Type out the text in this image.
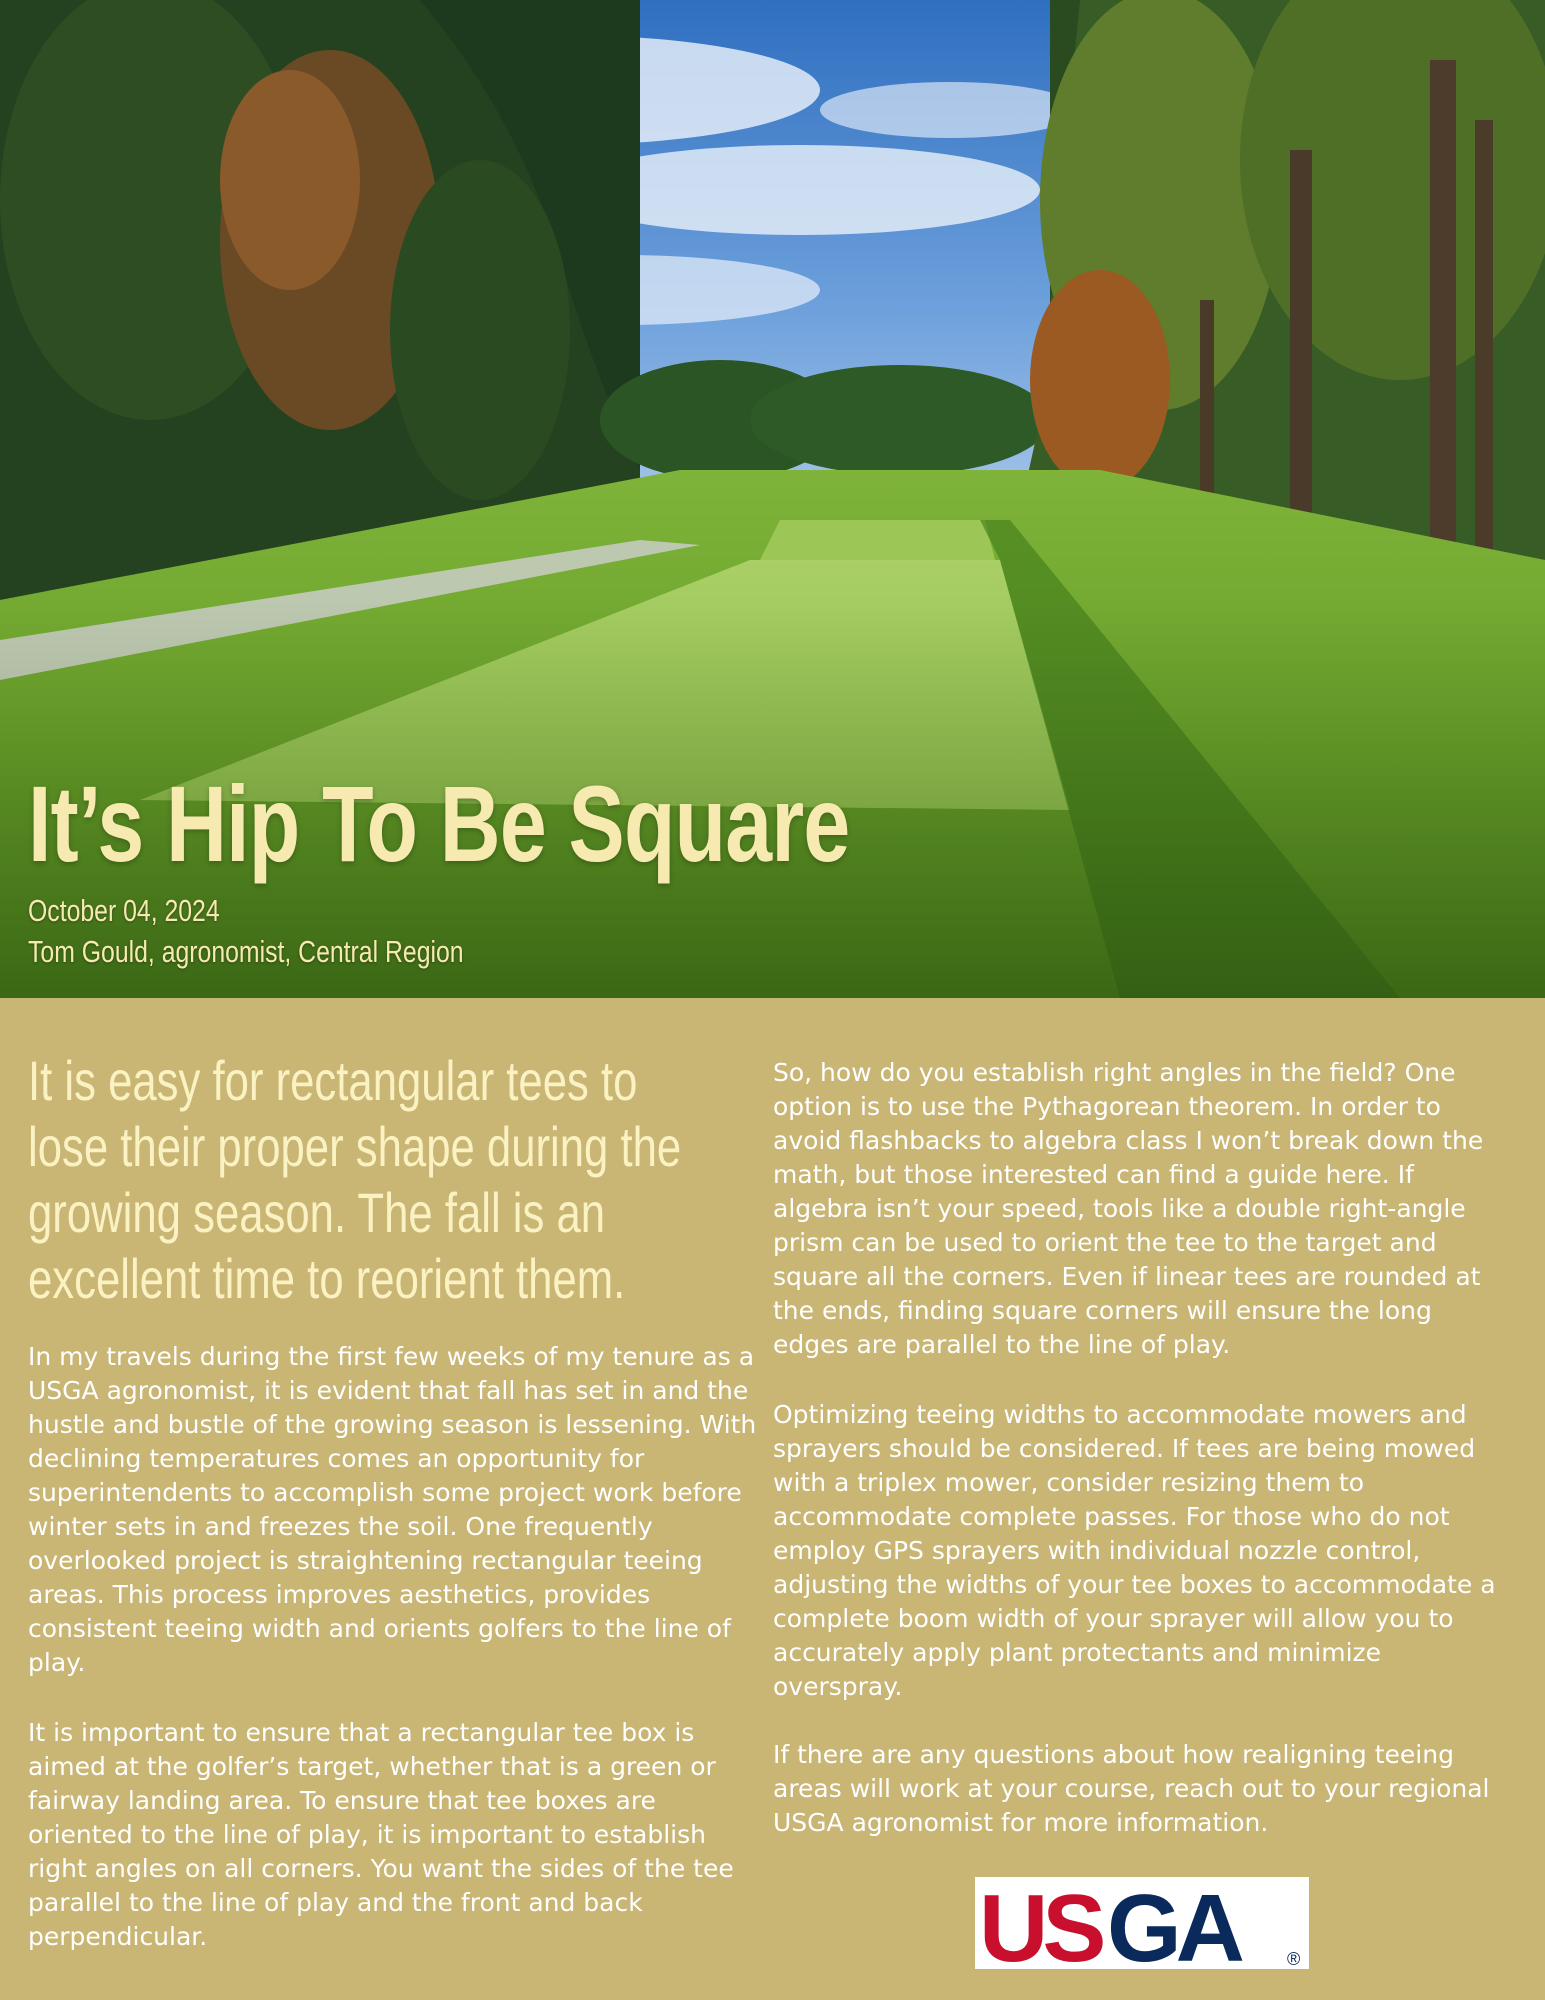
It’s Hip To Be Square
October 04, 2024
Tom Gould, agronomist, Central Region

It is easy for rectangular tees to lose their proper shape during the growing season. The fall is an excellent time to reorient them.

In my travels during the first few weeks of my tenure as a USGA agronomist, it is evident that fall has set in and the hustle and bustle of the growing season is lessening. With declining temperatures comes an opportunity for superintendents to accomplish some project work before winter sets in and freezes the soil. One frequently overlooked project is straightening rectangular teeing areas. This process improves aesthetics, provides consistent teeing width and orients golfers to the line of play.

It is important to ensure that a rectangular tee box is aimed at the golfer’s target, whether that is a green or fairway landing area. To ensure that tee boxes are oriented to the line of play, it is important to establish right angles on all corners. You want the sides of the tee parallel to the line of play and the front and back perpendicular.

So, how do you establish right angles in the field? One option is to use the Pythagorean theorem. In order to avoid flashbacks to algebra class I won’t break down the math, but those interested can find a guide here. If algebra isn’t your speed, tools like a double right-angle prism can be used to orient the tee to the target and square all the corners. Even if linear tees are rounded at the ends, finding square corners will ensure the long edges are parallel to the line of play.

Optimizing teeing widths to accommodate mowers and sprayers should be considered. If tees are being mowed with a triplex mower, consider resizing them to accommodate complete passes. For those who do not employ GPS sprayers with individual nozzle control, adjusting the widths of your tee boxes to accommodate a complete boom width of your sprayer will allow you to accurately apply plant protectants and minimize overspray.

If there are any questions about how realigning teeing areas will work at your course, reach out to your regional USGA agronomist for more information.

US GA	®
